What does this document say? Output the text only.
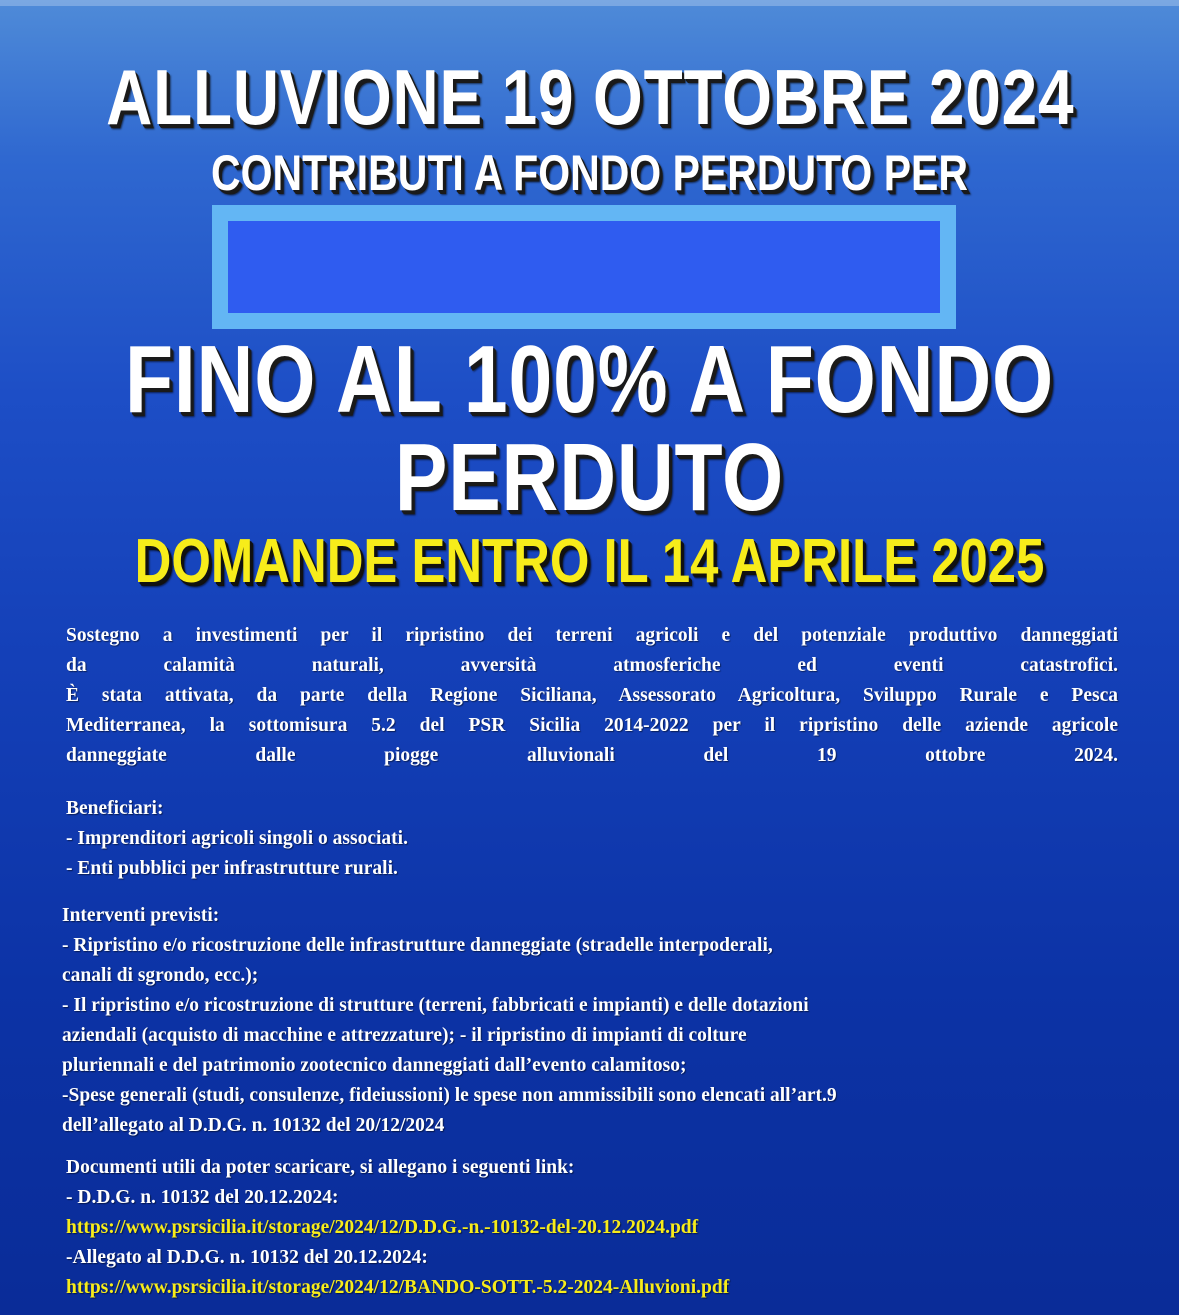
ALLUVIONE 19 OTTOBRE 2024
CONTRIBUTI A FONDO PERDUTO PER
FINO AL 100% A FONDO
PERDUTO
DOMANDE ENTRO IL 14 APRILE 2025
Sostegno a investimenti per il ripristino dei terreni agricoli e del potenziale produttivo danneggiati
da calamità naturali, avversità atmosferiche ed eventi catastrofici.
È stata attivata, da parte della Regione Siciliana, Assessorato Agricoltura, Sviluppo Rurale e Pesca
Mediterranea, la sottomisura 5.2 del PSR Sicilia 2014-2022 per il ripristino delle aziende agricole
danneggiate dalle piogge alluvionali del 19 ottobre 2024.
Beneficiari:
- Imprenditori agricoli singoli o associati.
- Enti pubblici per infrastrutture rurali.
Interventi previsti:
- Ripristino e/o ricostruzione delle infrastrutture danneggiate (stradelle interpoderali,
canali di sgrondo, ecc.);
- Il ripristino e/o ricostruzione di strutture (terreni, fabbricati e impianti) e delle dotazioni
aziendali (acquisto di macchine e attrezzature); - il ripristino di impianti di colture
pluriennali e del patrimonio zootecnico danneggiati dall’evento calamitoso;
-Spese generali (studi, consulenze, fideiussioni) le spese non ammissibili sono elencati all’art.9
dell’allegato al D.D.G. n. 10132 del 20/12/2024
Documenti utili da poter scaricare, si allegano i seguenti link:
- D.D.G. n. 10132 del 20.12.2024:
https://www.psrsicilia.it/storage/2024/12/D.D.G.-n.-10132-del-20.12.2024.pdf
-Allegato al D.D.G. n. 10132 del 20.12.2024:
https://www.psrsicilia.it/storage/2024/12/BANDO-SOTT.-5.2-2024-Alluvioni.pdf
